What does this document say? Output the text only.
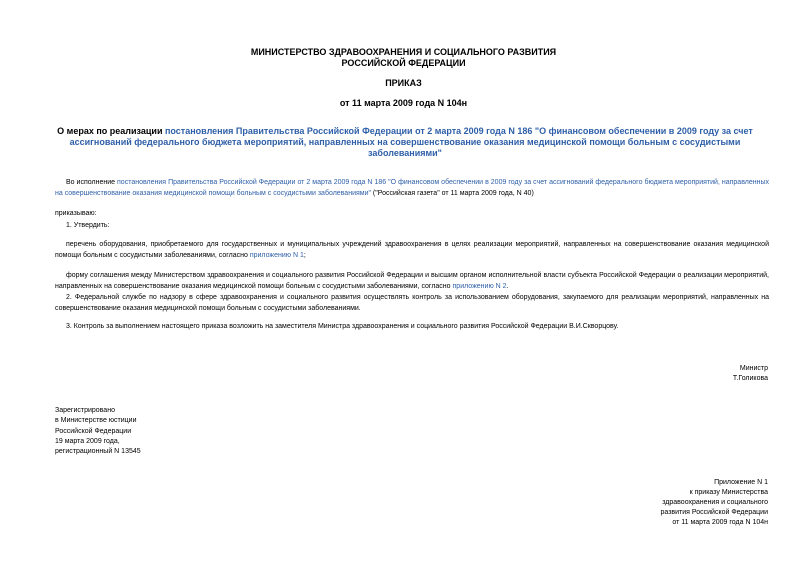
МИНИСТЕРСТВО ЗДРАВООХРАНЕНИЯ И СОЦИАЛЬНОГО РАЗВИТИЯ
РОССИЙСКОЙ ФЕДЕРАЦИИ
ПРИКАЗ
от 11 марта 2009 года N 104н
О мерах по реализации постановления Правительства Российской Федерации от 2 марта 2009 года N 186 "О финансовом обеспечении в 2009 году за счет ассигнований федерального бюджета мероприятий, направленных на совершенствование оказания медицинской помощи больным с сосудистыми заболеваниями"
Во исполнение постановления Правительства Российской Федерации от 2 марта 2009 года N 186 "О финансовом обеспечении в 2009 году за счет ассигнований федерального бюджета мероприятий, направленных на совершенствование оказания медицинской помощи больным с сосудистыми заболеваниями" ("Российская газета" от 11 марта 2009 года, N 40)
приказываю:
1. Утвердить:
перечень оборудования, приобретаемого для государственных и муниципальных учреждений здравоохранения в целях реализации мероприятий, направленных на совершенствование оказания медицинской помощи больным с сосудистыми заболеваниями, согласно приложению N 1;
форму соглашения между Министерством здравоохранения и социального развития Российской Федерации и высшим органом исполнительной власти субъекта Российской Федерации о реализации мероприятий, направленных на совершенствование оказания медицинской помощи больным с сосудистыми заболеваниями, согласно приложению N 2.
2. Федеральной службе по надзору в сфере здравоохранения и социального развития осуществлять контроль за использованием оборудования, закупаемого для реализации мероприятий, направленных на совершенствование оказания медицинской помощи больным с сосудистыми заболеваниями.
3. Контроль за выполнением настоящего приказа возложить на заместителя Министра здравоохранения и социального развития Российской Федерации В.И.Скворцову.
Министр
Т.Голикова
Зарегистрировано
в Министерстве юстиции
Российской Федерации
19 марта 2009 года,
регистрационный N 13545
Приложение N 1
к приказу Министерства
здравоохранения и социального
развития Российской Федерации
от 11 марта 2009 года N 104н
